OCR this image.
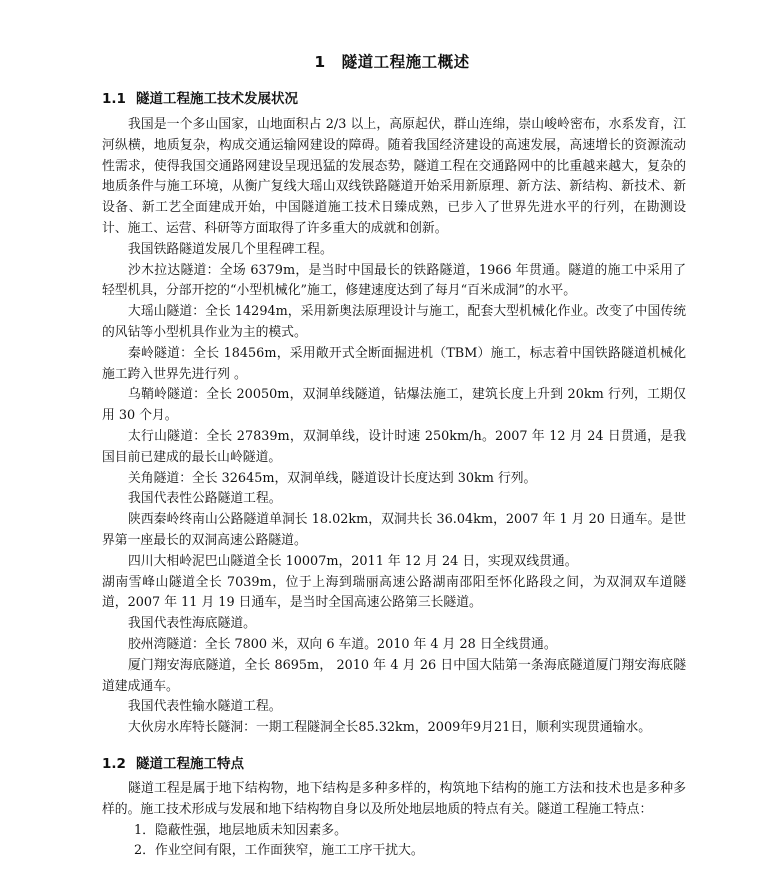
1　隧道工程施工概述
1.1 隧道工程施工技术发展状况

我国是一个多山国家，山地面积占 2/3 以上，高原起伏，群山连绵，崇山峻岭密布，水系发育，江河纵横，地质复杂，构成交通运输网建设的障碍。随着我国经济建设的高速发展，高速增长的资源流动性需求，使得我国交通路网建设呈现迅猛的发展态势，隧道工程在交通路网中的比重越来越大，复杂的地质条件与施工环境，从衡广复线大瑶山双线铁路隧道开始采用新原理、新方法、新结构、新技术、新设备、新工艺全面建成开始，中国隧道施工技术日臻成熟，已步入了世界先进水平的行列，在勘测设计、施工、运营、科研等方面取得了许多重大的成就和创新。

我国铁路隧道发展几个里程碑工程。

沙木拉达隧道：全场 6379m，是当时中国最长的铁路隧道，1966 年贯通。隧道的施工中采用了轻型机具，分部开挖的“小型机械化”施工，修建速度达到了每月“百米成洞”的水平。

大瑶山隧道：全长 14294m，采用新奥法原理设计与施工，配套大型机械化作业。改变了中国传统的风钻等小型机具作业为主的模式。

秦岭隧道：全长 18456m，采用敞开式全断面掘进机（TBM）施工，标志着中国铁路隧道机械化施工跨入世界先进行列 。

乌鞘岭隧道：全长 20050m，双洞单线隧道，钻爆法施工，建筑长度上升到 20km 行列，工期仅用 30 个月。

太行山隧道：全长 27839m，双洞单线，设计时速 250km/h。2007 年 12 月 24 日贯通，是我国目前已建成的最长山岭隧道。

关角隧道：全长 32645m，双洞单线，隧道设计长度达到 30km 行列。

我国代表性公路隧道工程。

陕西秦岭终南山公路隧道单洞长 18.02km，双洞共长 36.04km，2007 年 1 月 20 日通车。是世界第一座最长的双洞高速公路隧道。

四川大相岭泥巴山隧道全长 10007m，2011 年 12 月 24 日，实现双线贯通。

湖南雪峰山隧道全长 7039m，位于上海到瑞丽高速公路湖南邵阳至怀化路段之间，为双洞双车道隧道，2007 年 11 月 19 日通车，是当时全国高速公路第三长隧道。

我国代表性海底隧道。

胶州湾隧道：全长 7800 米，双向 6 车道。2010 年 4 月 28 日全线贯通。

厦门翔安海底隧道，全长 8695m， 2010 年 4 月 26 日中国大陆第一条海底隧道厦门翔安海底隧道建成通车。

我国代表性输水隧道工程。

大伙房水库特长隧洞：一期工程隧洞全长85.32km，2009年9月21日，顺利实现贯通输水。

1.2 隧道工程施工特点

隧道工程是属于地下结构物，地下结构是多种多样的，构筑地下结构的施工方法和技术也是多种多样的。施工技术形成与发展和地下结构物自身以及所处地层地质的特点有关。隧道工程施工特点：

1．隐蔽性强，地层地质未知因素多。

2．作业空间有限，工作面狭窄，施工工序干扰大。
